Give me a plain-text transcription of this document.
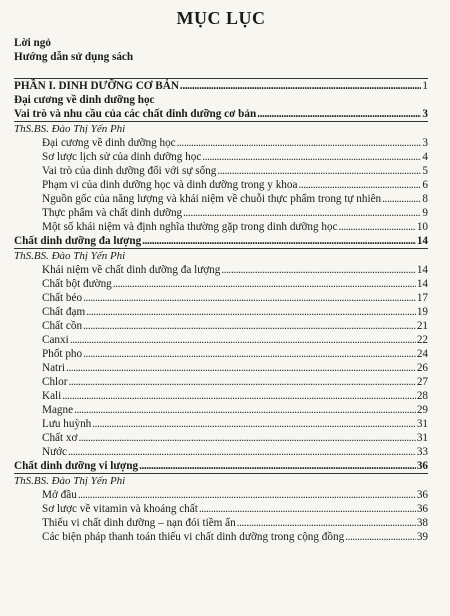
MỤC LỤC
Lời ngỏ
Hướng dẫn sử dụng sách
PHẦN I. DINH DƯỠNG CƠ BẢN . . .	1
Đại cương về dinh dưỡng học
Vai trò và nhu cầu của các chất dinh dưỡng cơ bản . . .	3
ThS.BS. Đào Thị Yến Phi
Đại cương về dinh dưỡng học . . .	3
Sơ lược lịch sử của dinh dưỡng học . . .	4
Vai trò của dinh dưỡng đối với sự sống . . .	5
Phạm vi của dinh dưỡng học và dinh dưỡng trong y khoa . . .	6
Nguồn gốc của năng lượng và khái niệm về chuỗi thực phẩm trong tự nhiên . . .	8
Thực phẩm và chất dinh dưỡng . . .	9
Một số khái niệm và định nghĩa thường gặp trong dinh dưỡng học . . .	10
Chất dinh dưỡng đa lượng . . .	14
ThS.BS. Đào Thị Yến Phi
Khái niệm về chất dinh dưỡng đa lượng . . .	14
Chất bột đường . . .	14
Chất béo . . .	17
Chất đạm . . .	19
Chất cồn . . .	21
Canxi . . .	22
Phốt pho . . .	24
Natri . . .	26
Chlor . . .	27
Kali . . .	28
Magne . . .	29
Lưu huỳnh . . .	31
Chất xơ . . .	31
Nước . . .	33
Chất dinh dưỡng vi lượng . . .	36
ThS.BS. Đào Thị Yến Phi
Mở đầu . . .	36
Sơ lược về vitamin và khoáng chất . . .	36
Thiếu vi chất dinh dưỡng – nạn đói tiềm ẩn . . .	38
Các biện pháp thanh toán thiếu vi chất dinh dưỡng trong cộng đồng . . .	39
